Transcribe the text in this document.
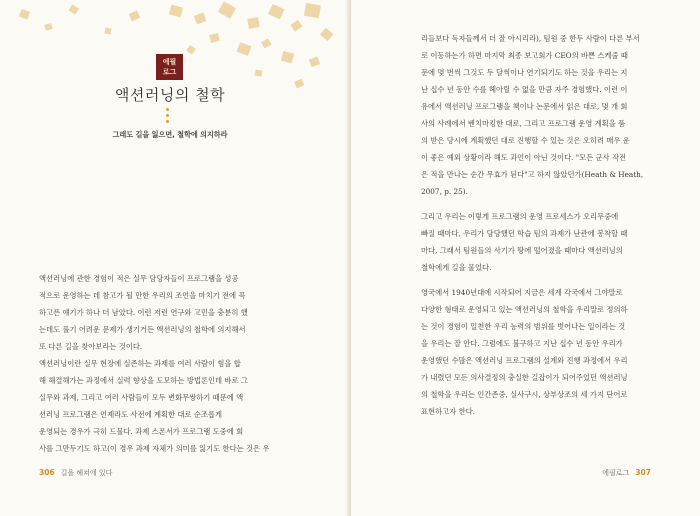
에필
로그
액션러닝의 철학
그래도 길을 잃으면, 철학에 의지하라
액션러닝에 관한 경험이 적은 실무 담당자들이 프로그램을 성공
적으로 운영하는 데 참고가 될 만한 우리의 조언을 마치기 전에 꼭
하고픈 얘기가 하나 더 남았다. 이런 저런 연구와 고민을 충분히 했
는데도 풀기 어려운 문제가 생기거든 액션러닝의 철학에 의지해서
또 다른 길을 찾아보라는 것이다.
액션러닝이란 실무 현장에 실존하는 과제를 여러 사람이 힘을 합
해 해결해가는 과정에서 실력 향상을 도모하는 방법론인데 바로 그
실무와 과제, 그리고 여러 사람들이 모두 변화무쌍하기 때문에 액
션러닝 프로그램은 언제라도 사전에 계획한 대로 순조롭게
운영되는 경우가 극히 드물다. 과제 스폰서가 프로그램 도중에 회
사를 그만두기도 하고(이 경우 과제 자체가 의미를 잃기도 한다는 것은 우
306 길을 헤쳐에 있다
리들보다 독자들께서 더 잘 아시리라), 팀원 중 한두 사람이 다른 부서
로 이동하는가 하면 마지막 최종 보고회가 CEO의 바쁜 스케줄 때
문에 몇 번씩 그것도 두 달씩이나 연기되기도 하는 것을 우리는 지
난 십수 년 동안 수를 헤아릴 수 없을 만큼 자주 경험했다. 이런 이
유에서 액션러닝 프로그램을 책이나 논문에서 읽은 대로, 몇 개 회
사의 사례에서 벤치마킹한 대로, 그리고 프로그램 운영 계획을 품
의 받은 당시에 계획했던 대로 진행할 수 있는 것은 오히려 매우 운
이 좋은 예외 상황이라 해도 과언이 아닌 것이다. "모든 군사 작전
은 적을 만나는 순간 무효가 된다"고 하지 않았던가(Heath & Heath,
2007, p. 25).
그리고 우리는 이렇게 프로그램의 운영 프로세스가 오리무중에
빠질 때마다, 우리가 담당했던 학습 팀의 과제가 난관에 봉착할 때
마다, 그래서 팀원들의 사기가 땅에 떨어졌을 때마다 액션러닝의
철학에게 길을 물었다.
영국에서 1940년대에 시작되어 지금은 세계 각국에서 그야말로
다양한 형태로 운영되고 있는 액션러닝의 철학을 우리말로 정의하
는 것이 경험이 일천한 우리 능력의 범위를 벗어나는 일이라는 것
을 우리는 잘 안다. 그럼에도 불구하고 지난 십수 년 동안 우리가
운영했던 수많은 액션러닝 프로그램의 설계와 진행 과정에서 우리
가 내렸던 모든 의사결정의 충실한 길잡이가 되어주었던 액션러닝
의 철학을 우리는 인간존중, 실사구시, 상부상조의 세 가지 단어로
표현하고자 한다.
에필로그 307
